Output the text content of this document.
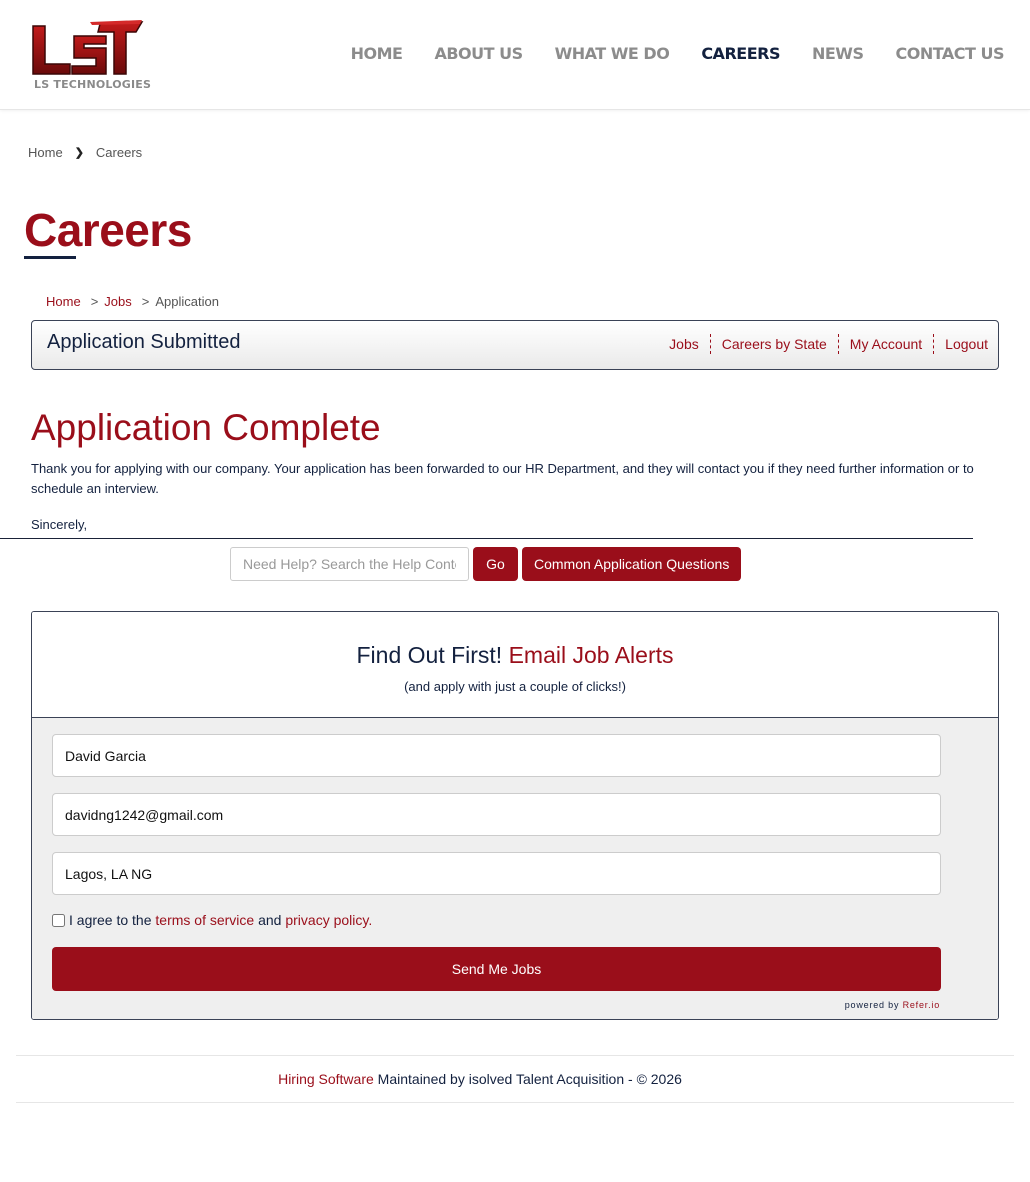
LS TECHNOLOGIES
HOME ABOUT US WHAT WE DO CAREERS NEWS CONTACT US
Home ❯ Careers
Careers
Home > Jobs > Application
Application Submitted	Jobs	Careers by State	My Account	Logout
Application Complete

Thank you for applying with our company. Your application has been forwarded to our HR Department, and they will contact you if they need further information or to schedule an interview.

Sincerely,
Need Help? Search the Help Content
Go	Common Application Questions
Find Out First! Email Job Alerts
(and apply with just a couple of clicks!)
David Garcia
davidng1242@gmail.com
Lagos, LA NG
I agree to the
terms of service
and
privacy policy.
Send Me Jobs
powered by Refer.io
Hiring Software Maintained by isolved Talent Acquisition - © 2026
